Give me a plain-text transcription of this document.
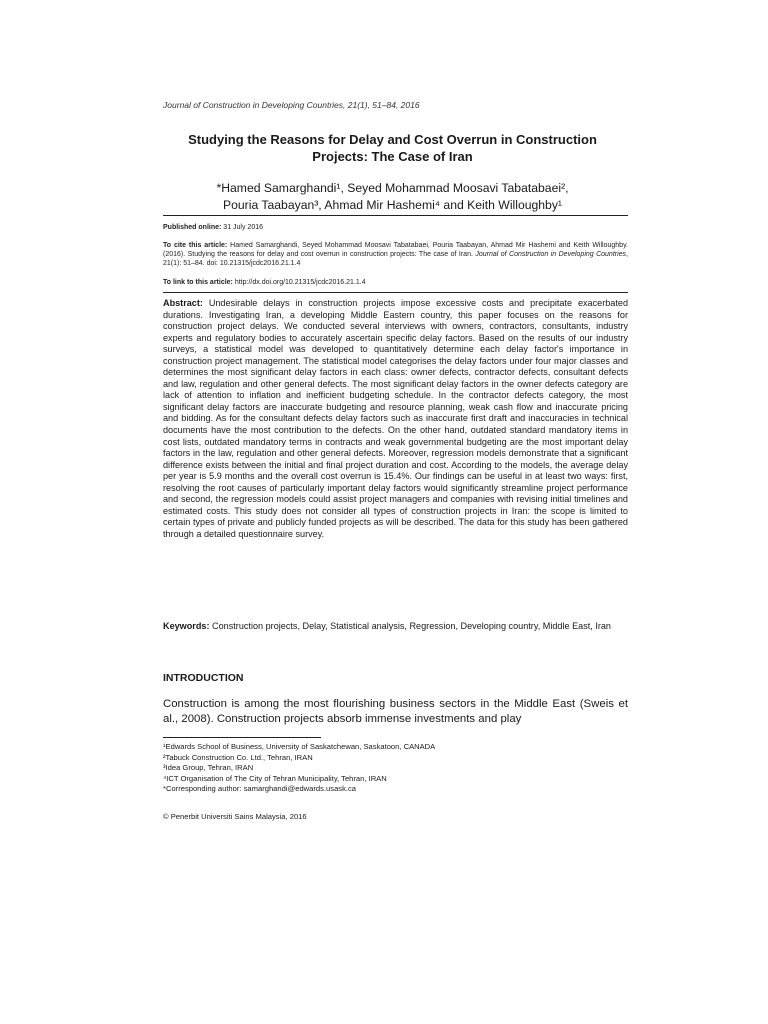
Journal of Construction in Developing Countries, 21(1), 51–84, 2016
Studying the Reasons for Delay and Cost Overrun in Construction
Projects: The Case of Iran
*Hamed Samarghandi¹, Seyed Mohammad Moosavi Tabatabaei²,
Pouria Taabayan³, Ahmad Mir Hashemi⁴ and Keith Willoughby¹
Published online: 31 July 2016
To cite this article: Hamed Samarghandi, Seyed Mohammad Moosavi Tabatabaei, Pouria Taabayan, Ahmad Mir Hashemi and Keith Willoughby. (2016). Studying the reasons for delay and cost overrun in construction projects: The case of Iran. Journal of Construction in Developing Countries, 21(1): 51–84. doi: 10.21315/jcdc2016.21.1.4
To link to this article: http://dx.doi.org/10.21315/jcdc2016.21.1.4
Abstract: Undesirable delays in construction projects impose excessive costs and precipitate exacerbated durations. Investigating Iran, a developing Middle Eastern country, this paper focuses on the reasons for construction project delays. We conducted several interviews with owners, contractors, consultants, industry experts and regulatory bodies to accurately ascertain specific delay factors. Based on the results of our industry surveys, a statistical model was developed to quantitatively determine each delay factor's importance in construction project management. The statistical model categorises the delay factors under four major classes and determines the most significant delay factors in each class: owner defects, contractor defects, consultant defects and law, regulation and other general defects. The most significant delay factors in the owner defects category are lack of attention to inflation and inefficient budgeting schedule. In the contractor defects category, the most significant delay factors are inaccurate budgeting and resource planning, weak cash flow and inaccurate pricing and bidding. As for the consultant defects delay factors such as inaccurate first draft and inaccuracies in technical documents have the most contribution to the defects. On the other hand, outdated standard mandatory items in cost lists, outdated mandatory terms in contracts and weak governmental budgeting are the most important delay factors in the law, regulation and other general defects. Moreover, regression models demonstrate that a significant difference exists between the initial and final project duration and cost. According to the models, the average delay per year is 5.9 months and the overall cost overrun is 15.4%. Our findings can be useful in at least two ways: first, resolving the root causes of particularly important delay factors would significantly streamline project performance and second, the regression models could assist project managers and companies with revising initial timelines and estimated costs. This study does not consider all types of construction projects in Iran: the scope is limited to certain types of private and publicly funded projects as will be described. The data for this study has been gathered through a detailed questionnaire survey.
Keywords: Construction projects, Delay, Statistical analysis, Regression, Developing country, Middle East, Iran
INTRODUCTION
Construction is among the most flourishing business sectors in the Middle East (Sweis et al., 2008). Construction projects absorb immense investments and play
¹Edwards School of Business, University of Saskatchewan, Saskatoon, CANADA
²Tabuck Construction Co. Ltd., Tehran, IRAN
³Idea Group, Tehran, IRAN
⁴ICT Organisation of The City of Tehran Municipality, Tehran, IRAN
*Corresponding author: samarghandi@edwards.usask.ca
© Penerbit Universiti Sains Malaysia, 2016
